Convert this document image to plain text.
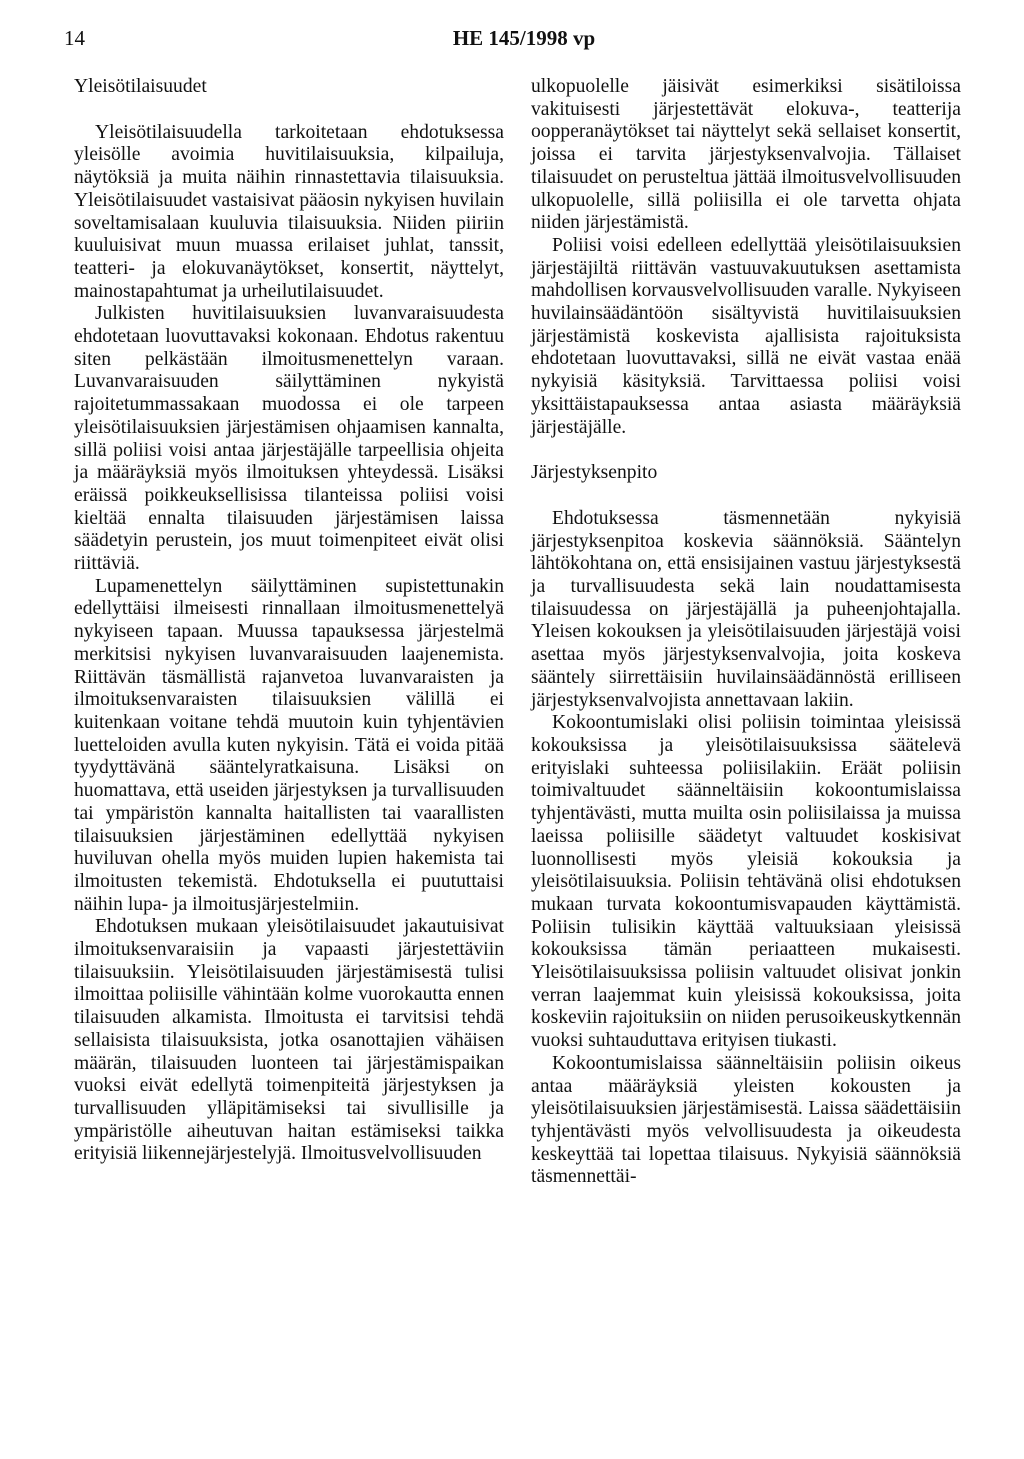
14	HE 145/1998 vp
Yleisötilaisuudet

Yleisötilaisuudella tarkoitetaan ehdotuksessa yleisölle avoimia huvitilaisuuksia, kilpailuja, näytöksiä ja muita näihin rinnastettavia tilaisuuksia. Yleisötilaisuudet vastaisivat pääosin nykyisen huvilain soveltamisalaan kuuluvia tilaisuuksia. Niiden piiriin kuuluisivat muun muassa erilaiset juhlat, tanssit, teatteri- ja elokuvanäytökset, konsertit, näyttelyt, mainostapahtumat ja urheilutilaisuudet.

Julkisten huvitilaisuuksien luvanvaraisuudesta ehdotetaan luovuttavaksi kokonaan. Ehdotus rakentuu siten pelkästään ilmoitusmenettelyn varaan. Luvanvaraisuuden säilyttäminen nykyistä rajoitetummassakaan muodossa ei ole tarpeen yleisötilaisuuksien järjestämisen ohjaamisen kannalta, sillä poliisi voisi antaa järjestäjälle tarpeellisia ohjeita ja määräyksiä myös ilmoituksen yhteydessä. Lisäksi eräissä poikkeuksellisissa tilanteissa poliisi voisi kieltää ennalta tilaisuuden järjestämisen laissa säädetyin perustein, jos muut toimenpiteet eivät olisi riittäviä.

Lupamenettelyn säilyttäminen supistettunakin edellyttäisi ilmeisesti rinnallaan ilmoitusmenettelyä nykyiseen tapaan. Muussa tapauksessa järjestelmä merkitsisi nykyisen luvanvaraisuuden laajenemista. Riittävän täsmällistä rajanvetoa luvanvaraisten ja ilmoituksenvaraisten tilaisuuksien välillä ei kuitenkaan voitane tehdä muutoin kuin tyhjentävien luetteloiden avulla kuten nykyisin. Tätä ei voida pitää tyydyttävänä sääntelyratkaisuna. Lisäksi on huomattava, että useiden järjestyksen ja turvallisuuden tai ympäristön kannalta haitallisten tai vaarallisten tilaisuuksien järjestäminen edellyttää nykyisen huviluvan ohella myös muiden lupien hakemista tai ilmoitusten tekemistä. Ehdotuksella ei puututtaisi näihin lupa- ja ilmoitusjärjestelmiin.

Ehdotuksen mukaan yleisötilaisuudet jakautuisivat ilmoituksenvaraisiin ja vapaasti järjestettäviin tilaisuuksiin. Yleisötilaisuuden järjestämisestä tulisi ilmoittaa poliisille vähintään kolme vuorokautta ennen tilaisuuden alkamista. Ilmoitusta ei tarvitsisi tehdä sellaisista tilaisuuksista, jotka osanottajien vähäisen määrän, tilaisuuden luonteen tai järjestämispaikan vuoksi eivät edellytä toimenpiteitä järjestyksen ja turvallisuuden ylläpitämiseksi tai sivullisille ja ympäristölle aiheutuvan haitan estämiseksi taikka erityisiä liikennejärjestelyjä. Ilmoitusvelvollisuuden

ulkopuolelle jäisivät esimerkiksi sisätiloissa vakituisesti järjestettävät elokuva-, teatterija oopperanäytökset tai näyttelyt sekä sellaiset konsertit, joissa ei tarvita järjestyksenvalvojia. Tällaiset tilaisuudet on perusteltua jättää ilmoitusvelvollisuuden ulkopuolelle, sillä poliisilla ei ole tarvetta ohjata niiden järjestämistä.

Poliisi voisi edelleen edellyttää yleisötilaisuuksien järjestäjiltä riittävän vastuuvakuutuksen asettamista mahdollisen korvausvelvollisuuden varalle. Nykyiseen huvilainsäädäntöön sisältyvistä huvitilaisuuksien järjestämistä koskevista ajallisista rajoituksista ehdotetaan luovuttavaksi, sillä ne eivät vastaa enää nykyisiä käsityksiä. Tarvittaessa poliisi voisi yksittäistapauksessa antaa asiasta määräyksiä järjestäjälle.

Järjestyksenpito

Ehdotuksessa täsmennetään nykyisiä järjestyksenpitoa koskevia säännöksiä. Sääntelyn lähtökohtana on, että ensisijainen vastuu järjestyksestä ja turvallisuudesta sekä lain noudattamisesta tilaisuudessa on järjestäjällä ja puheenjohtajalla. Yleisen kokouksen ja yleisötilaisuuden järjestäjä voisi asettaa myös järjestyksenvalvojia, joita koskeva sääntely siirrettäisiin huvilainsäädännöstä erilliseen järjestyksenvalvojista annettavaan lakiin.

Kokoontumislaki olisi poliisin toimintaa yleisissä kokouksissa ja yleisötilaisuuksissa säätelevä erityislaki suhteessa poliisilakiin. Eräät poliisin toimivaltuudet säänneltäisiin kokoontumislaissa tyhjentävästi, mutta muilta osin poliisilaissa ja muissa laeissa poliisille säädetyt valtuudet koskisivat luonnollisesti myös yleisiä kokouksia ja yleisötilaisuuksia. Poliisin tehtävänä olisi ehdotuksen mukaan turvata kokoontumisvapauden käyttämistä. Poliisin tulisikin käyttää valtuuksiaan yleisissä kokouksissa tämän periaatteen mukaisesti. Yleisötilaisuuksissa poliisin valtuudet olisivat jonkin verran laajemmat kuin yleisissä kokouksissa, joita koskeviin rajoituksiin on niiden perusoikeuskytkennän vuoksi suhtauduttava erityisen tiukasti.

Kokoontumislaissa säänneltäisiin poliisin oikeus antaa määräyksiä yleisten kokousten ja yleisötilaisuuksien järjestämisestä. Laissa säädettäisiin tyhjentävästi myös velvollisuudesta ja oikeudesta keskeyttää tai lopettaa tilaisuus. Nykyisiä säännöksiä täsmennettäi-
